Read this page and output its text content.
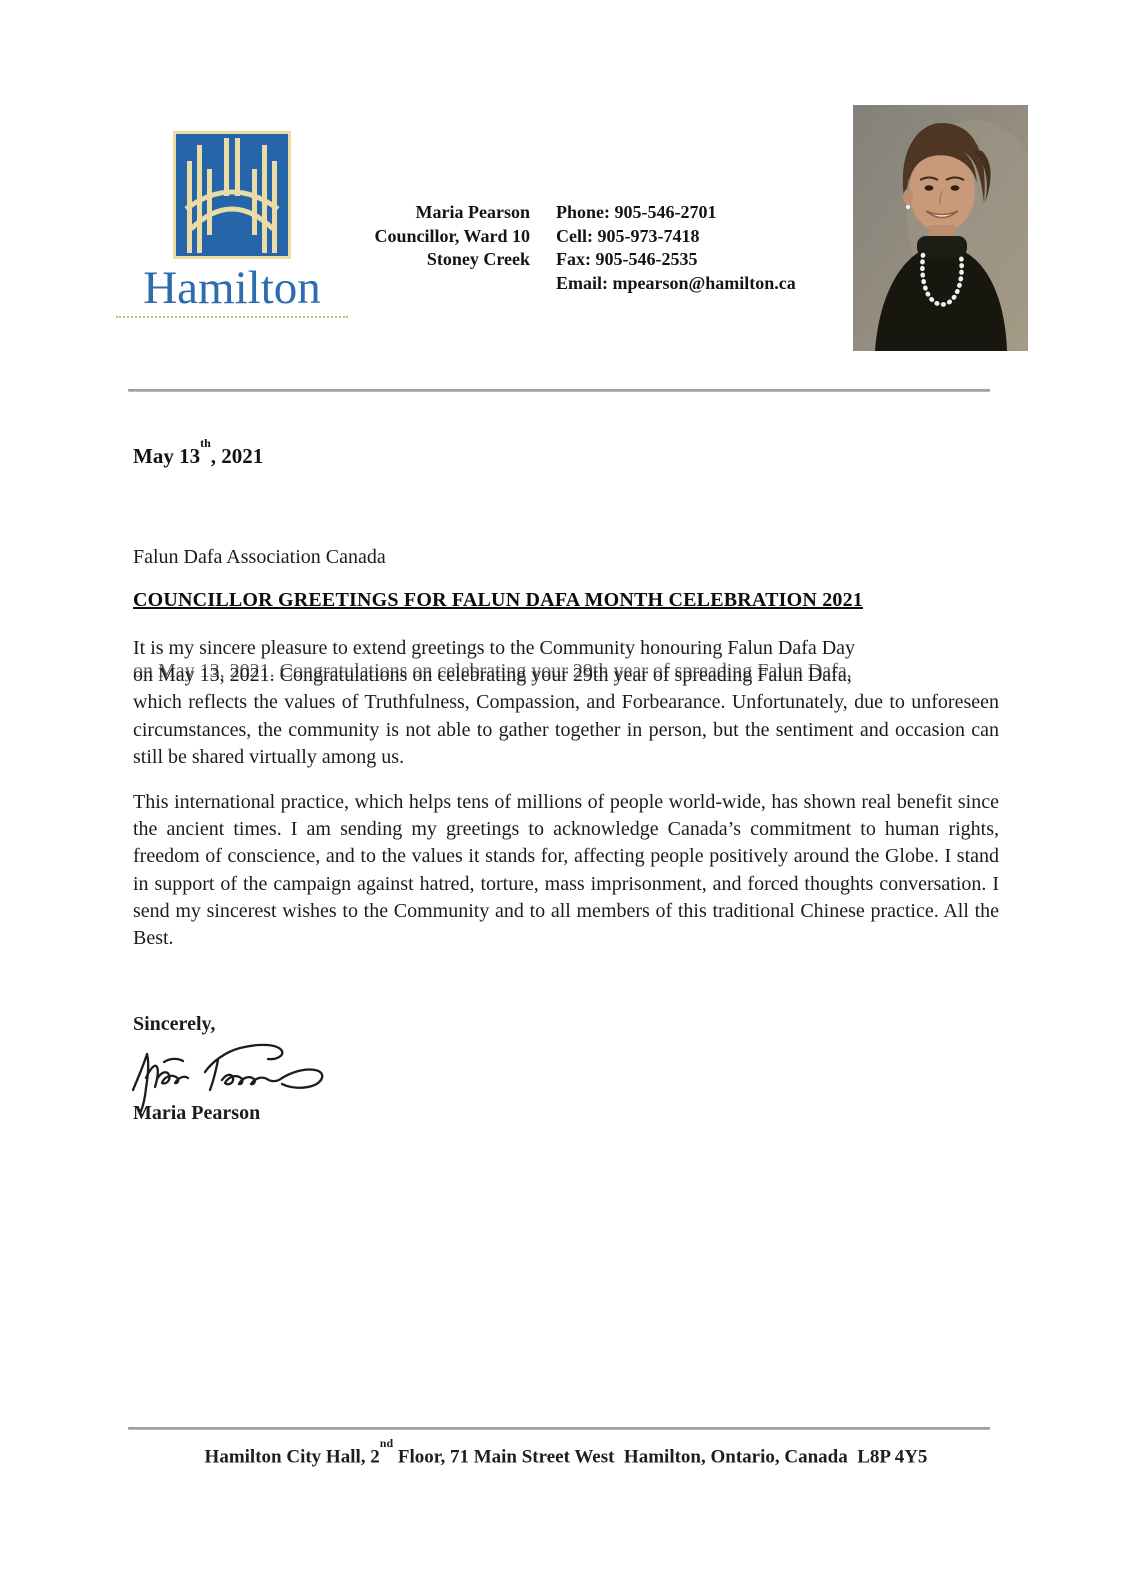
Hamilton
Maria Pearson
Councillor, Ward 10
Stoney Creek
Phone: 905-546-2701
Cell: 905-973-7418
Fax: 905-546-2535
Email: mpearson@hamilton.ca
May 13th, 2021
Falun Dafa Association Canada
COUNCILLOR GREETINGS FOR FALUN DAFA MONTH CELEBRATION 2021

It is my sincere pleasure to extend greetings to the Community honouring Falun Dafa Day
on May 13, 2021. Congratulations on celebrating your 29th year of spreading Falun Dafa,
which reflects the values of Truthfulness, Compassion, and Forbearance. Unfortunately, due to unforeseen circumstances, the community is not able to gather together in person, but the sentiment and occasion can still be shared virtually among us.

This international practice, which helps tens of millions of people world-wide, has shown real benefit since the ancient times. I am sending my greetings to acknowledge Canada’s commitment to human rights, freedom of conscience, and to the values it stands for, affecting people positively around the Globe. I stand in support of the campaign against hatred, torture, mass imprisonment, and forced thoughts conversation. I send my sincerest wishes to the Community and to all members of this traditional Chinese practice. All the Best.

Sincerely,
Maria Pearson
Hamilton City Hall, 2nd Floor, 71 Main Street West  Hamilton, Ontario, Canada  L8P 4Y5
